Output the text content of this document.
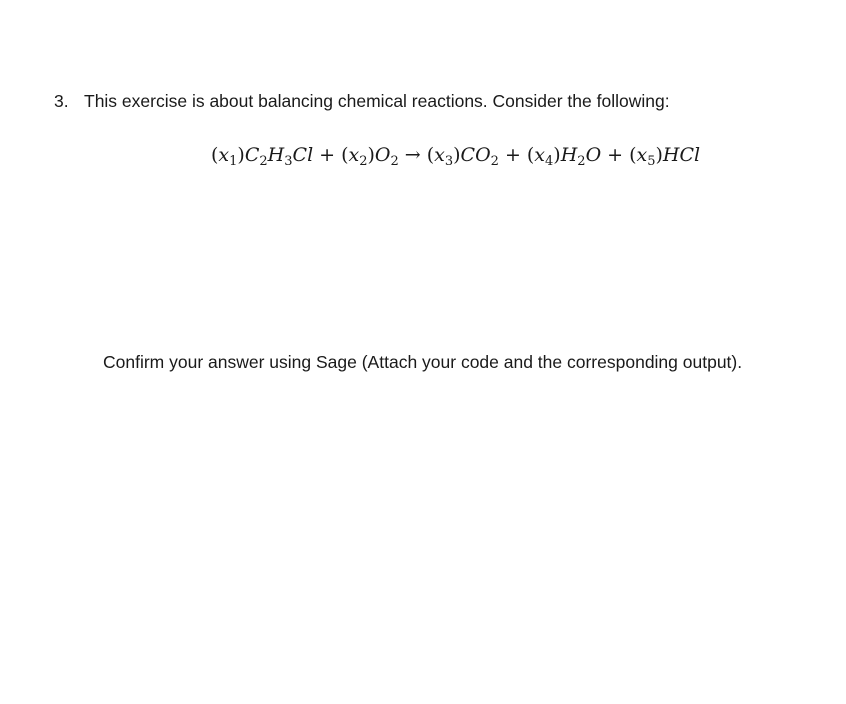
3. This exercise is about balancing chemical reactions. Consider the following:
$(x_1)C_2H_3Cl + (x_2)O_2 \to (x_3)CO_2 + (x_4)H_2O + (x_5)HCl$
Confirm your answer using Sage (Attach your code and the corresponding output).
